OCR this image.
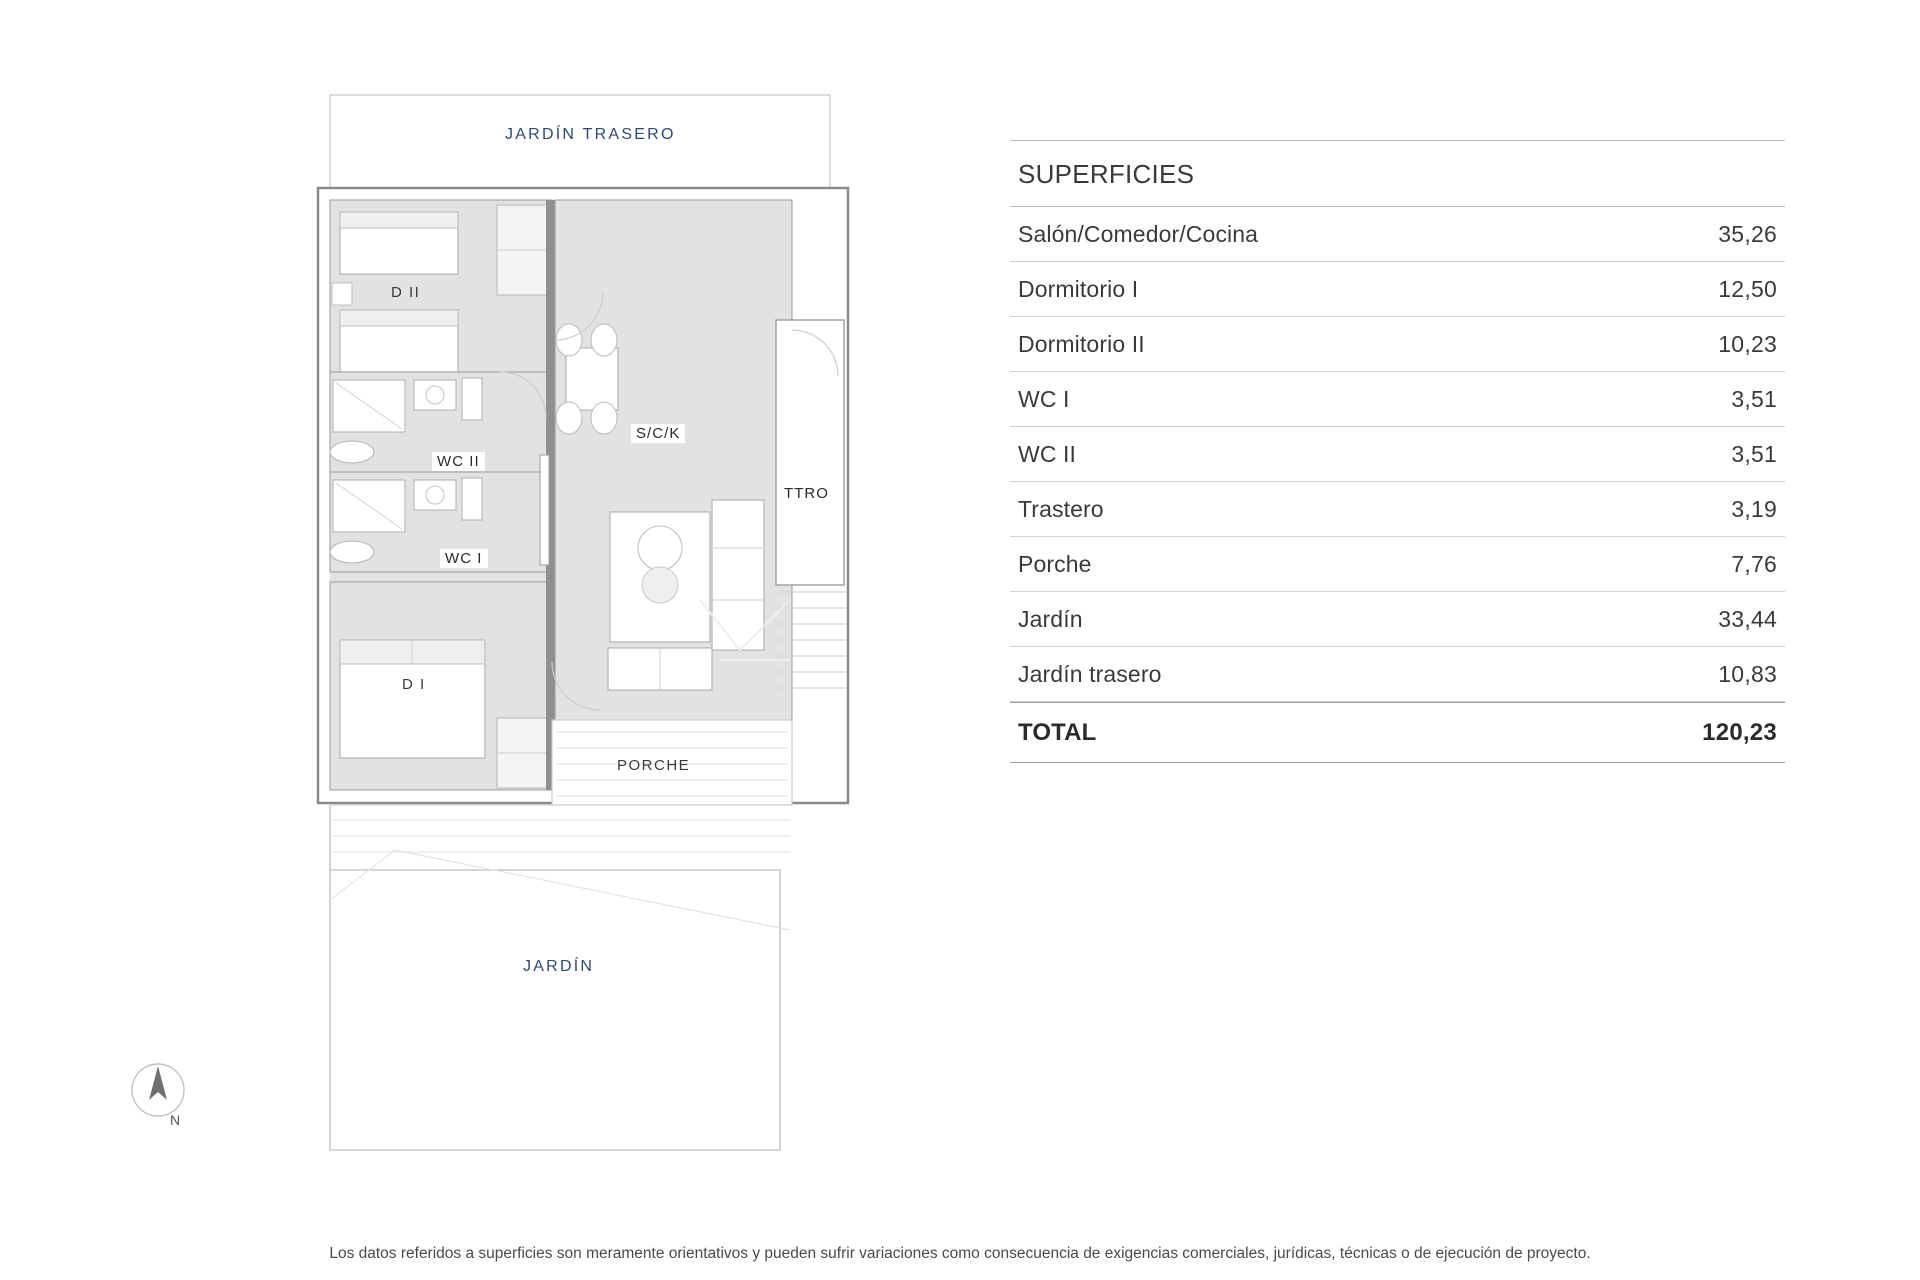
JARDÍN TRASERO
D II
WC II
WC I
D I
S/C/K
TTRO
PORCHE
JARDÍN
N
SUPERFICIES
Salón/Comedor/Cocina	35,26
Dormitorio I	12,50
Dormitorio II	10,23
WC I	3,51
WC II	3,51
Trastero	3,19
Porche	7,76
Jardín	33,44
Jardín trasero	10,83
TOTAL	120,23
Los datos referidos a superficies son meramente orientativos y pueden sufrir variaciones como consecuencia de exigencias comerciales, jurídicas, técnicas o de ejecución de proyecto.
